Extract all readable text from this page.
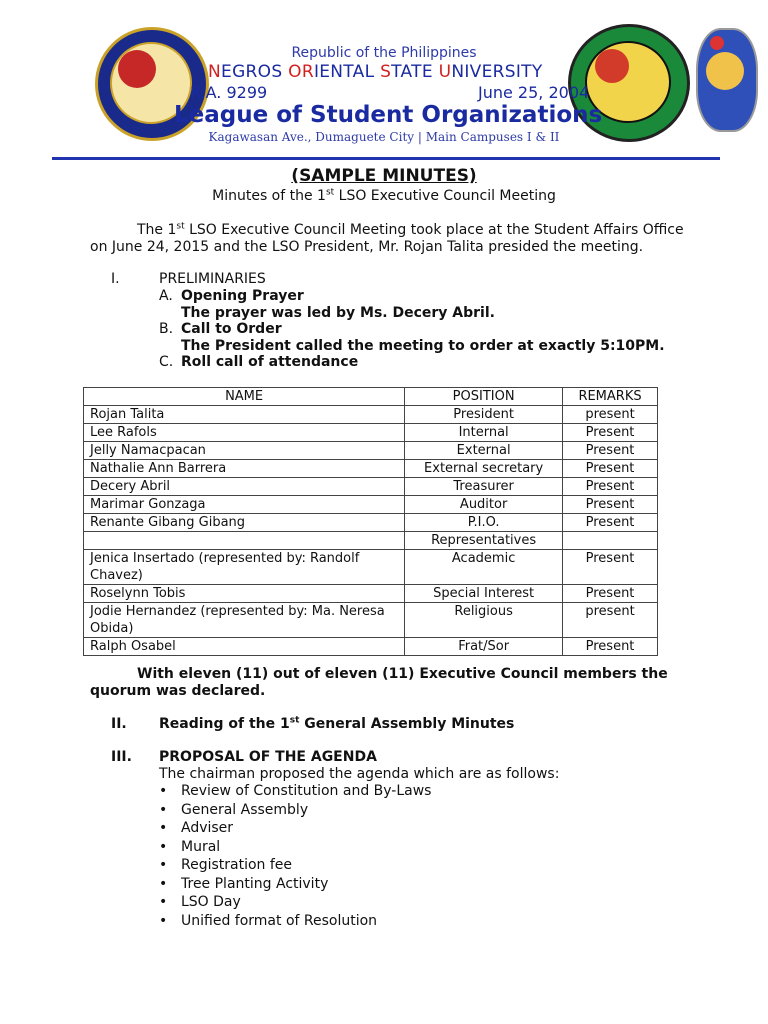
Republic of the Philippines
NEGROS ORIENTAL STATE UNIVERSITY
R.A. 9299	June 25, 2004
League of Student Organizations
Kagawasan Ave., Dumaguete City | Main Campuses I & II
(SAMPLE MINUTES)
Minutes of the 1st LSO Executive Council Meeting
The 1st LSO Executive Council Meeting took place at the Student Affairs Office
on June 24, 2015 and the LSO President, Mr. Rojan Talita presided the meeting.
I.	PRELIMINARIES
A. Opening Prayer
The prayer was led by Ms. Decery Abril.
B. Call to Order
The President called the meeting to order at exactly 5:10PM.
C. Roll call of attendance
NAME	POSITION	REMARKS
Rojan Talita	President	present
Lee Rafols	Internal	Present
Jelly Namacpacan	External	Present
Nathalie Ann Barrera	External secretary	Present
Decery Abril	Treasurer	Present
Marimar Gonzaga	Auditor	Present
Renante Gibang Gibang	P.I.O.	Present
	Representatives	
Jenica Insertado (represented by: Randolf Chavez)	Academic	Present
Roselynn Tobis	Special Interest	Present
Jodie Hernandez (represented by: Ma. Neresa Obida)	Religious	present
Ralph Osabel	Frat/Sor	Present
With eleven (11) out of eleven (11) Executive Council members the
quorum was declared.
II. Reading of the 1st General Assembly Minutes
III. PROPOSAL OF THE AGENDA
The chairman proposed the agenda which are as follows:
• Review of Constitution and By-Laws
• General Assembly
• Adviser
• Mural
• Registration fee
• Tree Planting Activity
• LSO Day
• Unified format of Resolution
